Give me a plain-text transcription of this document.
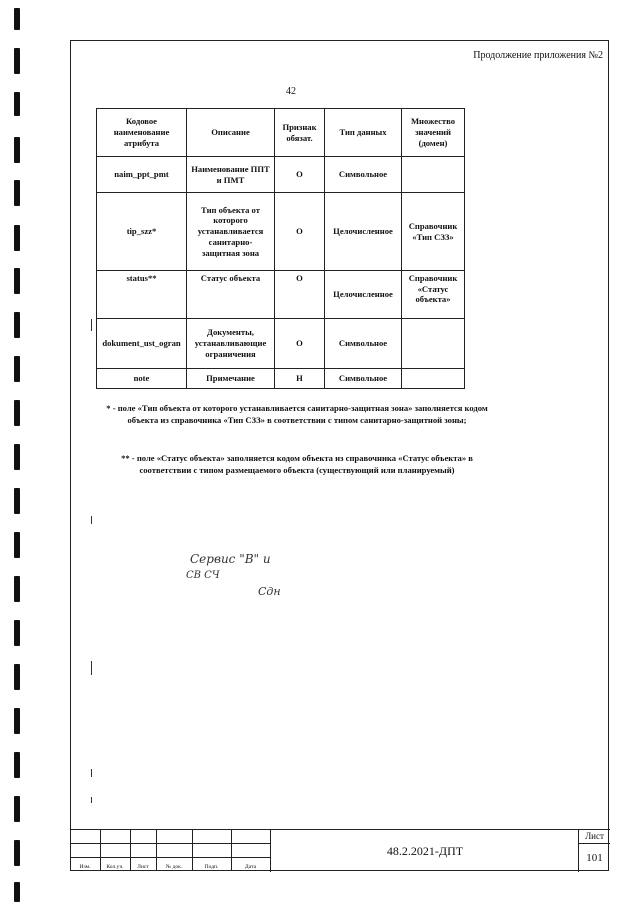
Продолжение приложения №2
42
Кодовое наименование атрибута	Описание	Признак обязат.	Тип данных	Множество значений (домен)
naim_ppt_pmt	Наименование ППТ и ПМТ	О	Символьное	
tip_szz*	Тип объекта от которого устанавливается санитарно-защитная зона	О	Целочисленное	Справочник «Тип СЗЗ»
status**	Статус объекта	О	Целочисленное	Справочник «Статус объекта»
dokument_ust_ogran	Документы, устанавливающие ограничения	О	Символьное	
note	Примечание	Н	Символьное	
* - поле «Тип объекта от которого устанавливается санитарно-защитная зона» заполняется кодом объекта из справочника «Тип СЗЗ» в соответствии с типом санитарно-защитной зоны;
** - поле «Статус объекта» заполняется кодом объекта из справочника «Статус объекта» в соответствии с типом размещаемого объекта (существующий или планируемый)
Сервис "В" и
СВ СЧ
Сдн
Изм.	Кол.уч.	Лист	№ док.	Подп.	Дата
48.2.2021-ДПТ
Лист
101
